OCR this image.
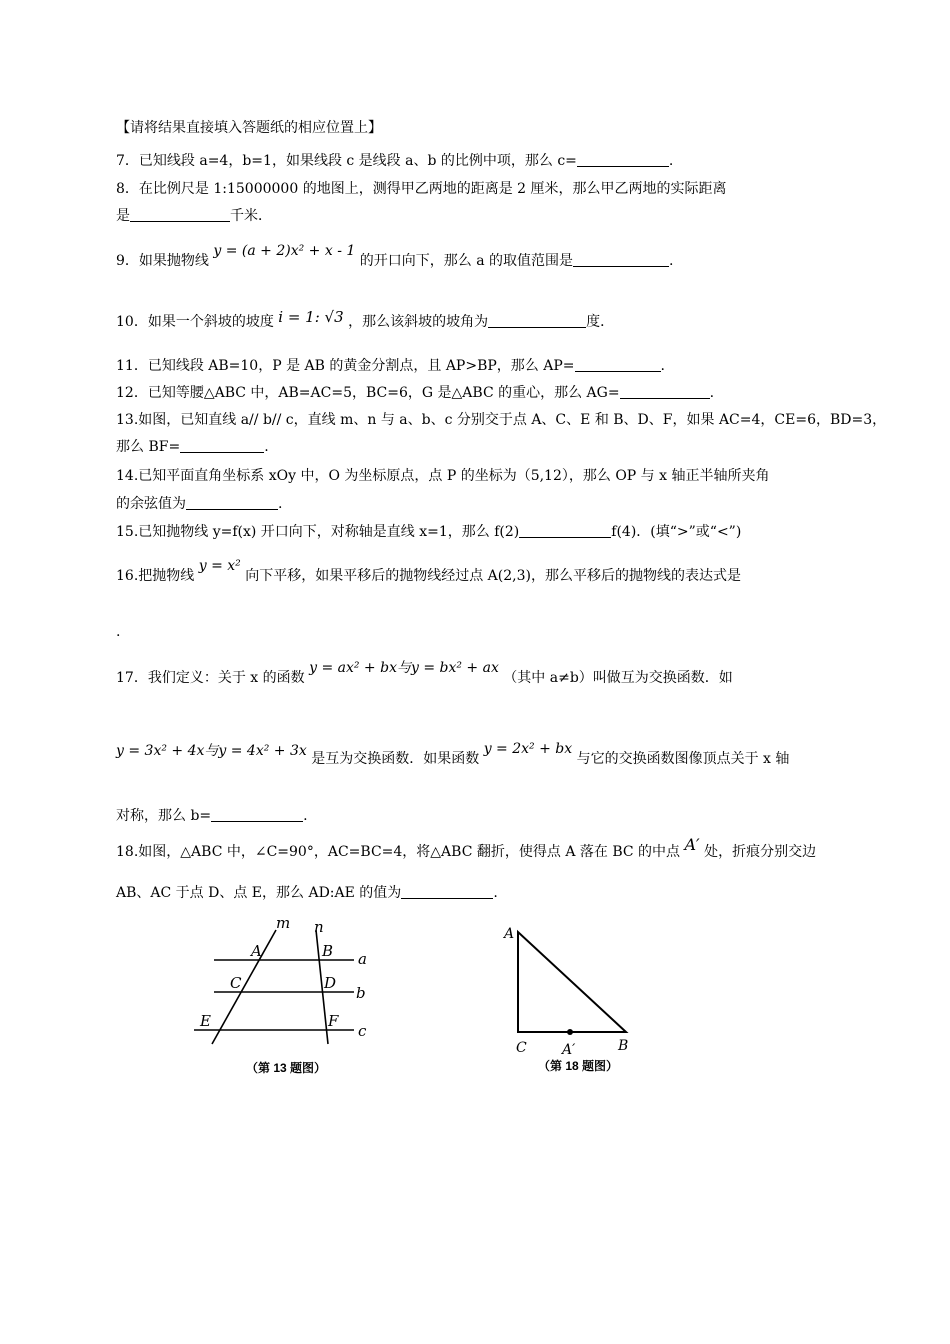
【请将结果直接填入答题纸的相应位置上】
7．已知线段 a=4，b=1，如果线段 c 是线段 a、b 的比例中项，那么 c=	.
8．在比例尺是 1:15000000 的地图上，测得甲乙两地的距离是 2 厘米，那么甲乙两地的实际距离
是	千米．
9．如果抛物线 y = (a + 2)x² + x - 1 的开口向下，那么 a 的取值范围是	.
10．如果一个斜坡的坡度 i = 1: √3 ，那么该斜坡的坡角为	度．
11．已知线段 AB=10，P 是 AB 的黄金分割点，且 AP>BP，那么 AP=	.
12．已知等腰△ABC 中，AB=AC=5，BC=6，G 是△ABC 的重心，那么 AG=	.
13.如图，已知直线 a// b// c，直线 m、n 与 a、b、c 分别交于点 A、C、E 和 B、D、F，如果 AC=4，CE=6，BD=3，
那么 BF=	.
14.已知平面直角坐标系 xOy 中，O 为坐标原点，点 P 的坐标为（5,12），那么 OP 与 x 轴正半轴所夹角
的余弦值为	.
15.已知抛物线 y=f(x) 开口向下，对称轴是直线 x=1，那么 f(2)	f(4)．(填“>”或“<”)
16.把抛物线 y = x² 向下平移，如果平移后的抛物线经过点 A(2,3)，那么平移后的抛物线的表达式是
.
17．我们定义：关于 x 的函数 y = ax² + bx与y = bx² + ax （其中 a≠b）叫做互为交换函数．如
y = 3x² + 4x与y = 4x² + 3x 是互为交换函数．如果函数 y = 2x² + bx 与它的交换函数图像顶点关于 x 轴
对称，那么 b=	.
18.如图，△ABC 中，∠C=90°，AC=BC=4，将△ABC 翻折，使得点 A 落在 BC 的中点 A′ 处，折痕分别交边
AB、AC 于点 D、点 E，那么 AD:AE 的值为	.
m n
a
b
c
A	B
C	D
E	F
（第 13 题图）
A
C	A′	B
（第 18 题图）
